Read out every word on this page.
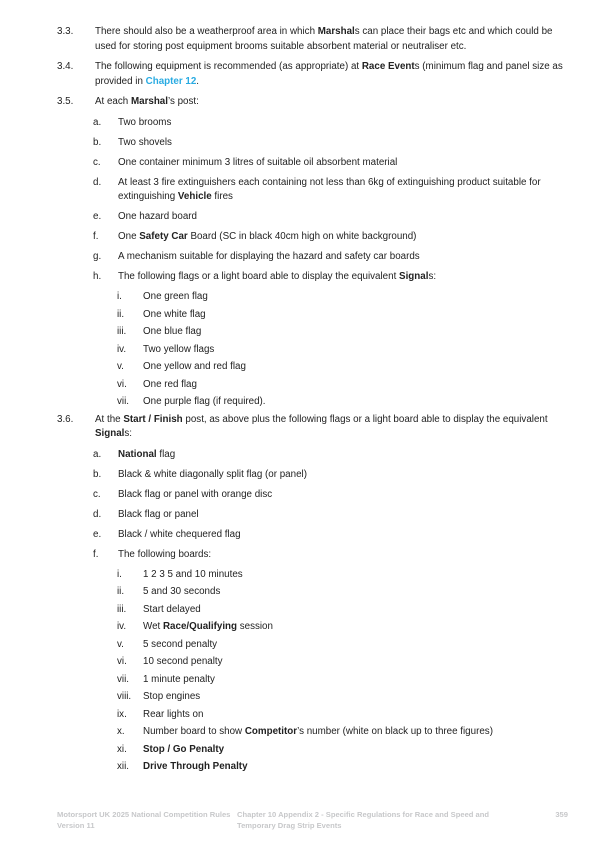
3.3.	There should also be a weatherproof area in which Marshals can place their bags etc and which could be used for storing post equipment brooms suitable absorbent material or neutraliser etc.
3.4.	The following equipment is recommended (as appropriate) at Race Events (minimum flag and panel size as provided in Chapter 12.
3.5.	At each Marshal’s post:
a.	Two brooms
b.	Two shovels
c.	One container minimum 3 litres of suitable oil absorbent material
d.	At least 3 fire extinguishers each containing not less than 6kg of extinguishing product suitable for extinguishing Vehicle fires
e.	One hazard board
f.	One Safety Car Board (SC in black 40cm high on white background)
g.	A mechanism suitable for displaying the hazard and safety car boards
h.	The following flags or a light board able to display the equivalent Signals:
i.	One green flag
ii.	One white flag
iii.	One blue flag
iv.	Two yellow flags
v.	One yellow and red flag
vi.	One red flag
vii.	One purple flag (if required).
3.6.	At the Start / Finish post, as above plus the following flags or a light board able to display the equivalent Signals:
a.	National flag
b.	Black & white diagonally split flag (or panel)
c.	Black flag or panel with orange disc
d.	Black flag or panel
e.	Black / white chequered flag
f.	The following boards:
i.	1 2 3 5 and 10 minutes
ii.	5 and 30 seconds
iii.	Start delayed
iv.	Wet Race/Qualifying session
v.	5 second penalty
vi.	10 second penalty
vii.	1 minute penalty
viii.	Stop engines
ix.	Rear lights on
x.	Number board to show Competitor’s number (white on black up to three figures)
xi.	Stop / Go Penalty
xii.	Drive Through Penalty
Motorsport UK 2025 National Competition Rules
Version 11
Chapter 10 Appendix 2 - Specific Regulations for Race and Speed and
Temporary Drag Strip Events
359
